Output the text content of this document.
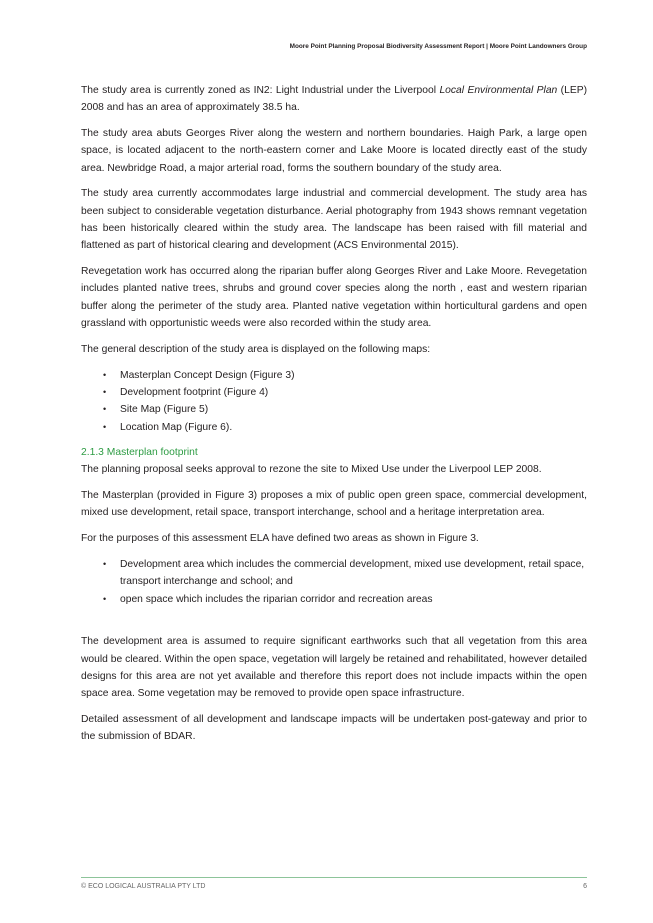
Moore Point Planning Proposal Biodiversity Assessment Report | Moore Point Landowners Group

The study area is currently zoned as IN2: Light Industrial under the Liverpool Local Environmental Plan (LEP) 2008 and has an area of approximately 38.5 ha.

The study area abuts Georges River along the western and northern boundaries. Haigh Park, a large open space, is located adjacent to the north-eastern corner and Lake Moore is located directly east of the study area. Newbridge Road, a major arterial road, forms the southern boundary of the study area.

The study area currently accommodates large industrial and commercial development. The study area has been subject to considerable vegetation disturbance. Aerial photography from 1943 shows remnant vegetation has been historically cleared within the study area. The landscape has been raised with fill material and flattened as part of historical clearing and development (ACS Environmental 2015).

Revegetation work has occurred along the riparian buffer along Georges River and Lake Moore. Revegetation includes planted native trees, shrubs and ground cover species along the north , east and western riparian buffer along the perimeter of the study area. Planted native vegetation within horticultural gardens and open grassland with opportunistic weeds were also recorded within the study area.

The general description of the study area is displayed on the following maps:

• Masterplan Concept Design (Figure 3)
• Development footprint (Figure 4)
• Site Map (Figure 5)
• Location Map (Figure 6).
2.1.3 Masterplan footprint

The planning proposal seeks approval to rezone the site to Mixed Use under the Liverpool LEP 2008.

The Masterplan (provided in Figure 3) proposes a mix of public open green space, commercial development, mixed use development, retail space, transport interchange, school and a heritage interpretation area.

For the purposes of this assessment ELA have defined two areas as shown in Figure 3.

• Development area which includes the commercial development, mixed use development, retail space, transport interchange and school; and
• open space which includes the riparian corridor and recreation areas

The development area is assumed to require significant earthworks such that all vegetation from this area would be cleared. Within the open space, vegetation will largely be retained and rehabilitated, however detailed designs for this area are not yet available and therefore this report does not include impacts within the open space area. Some vegetation may be removed to provide open space infrastructure.

Detailed assessment of all development and landscape impacts will be undertaken post-gateway and prior to the submission of BDAR.

© ECO LOGICAL AUSTRALIA PTY LTD	6
